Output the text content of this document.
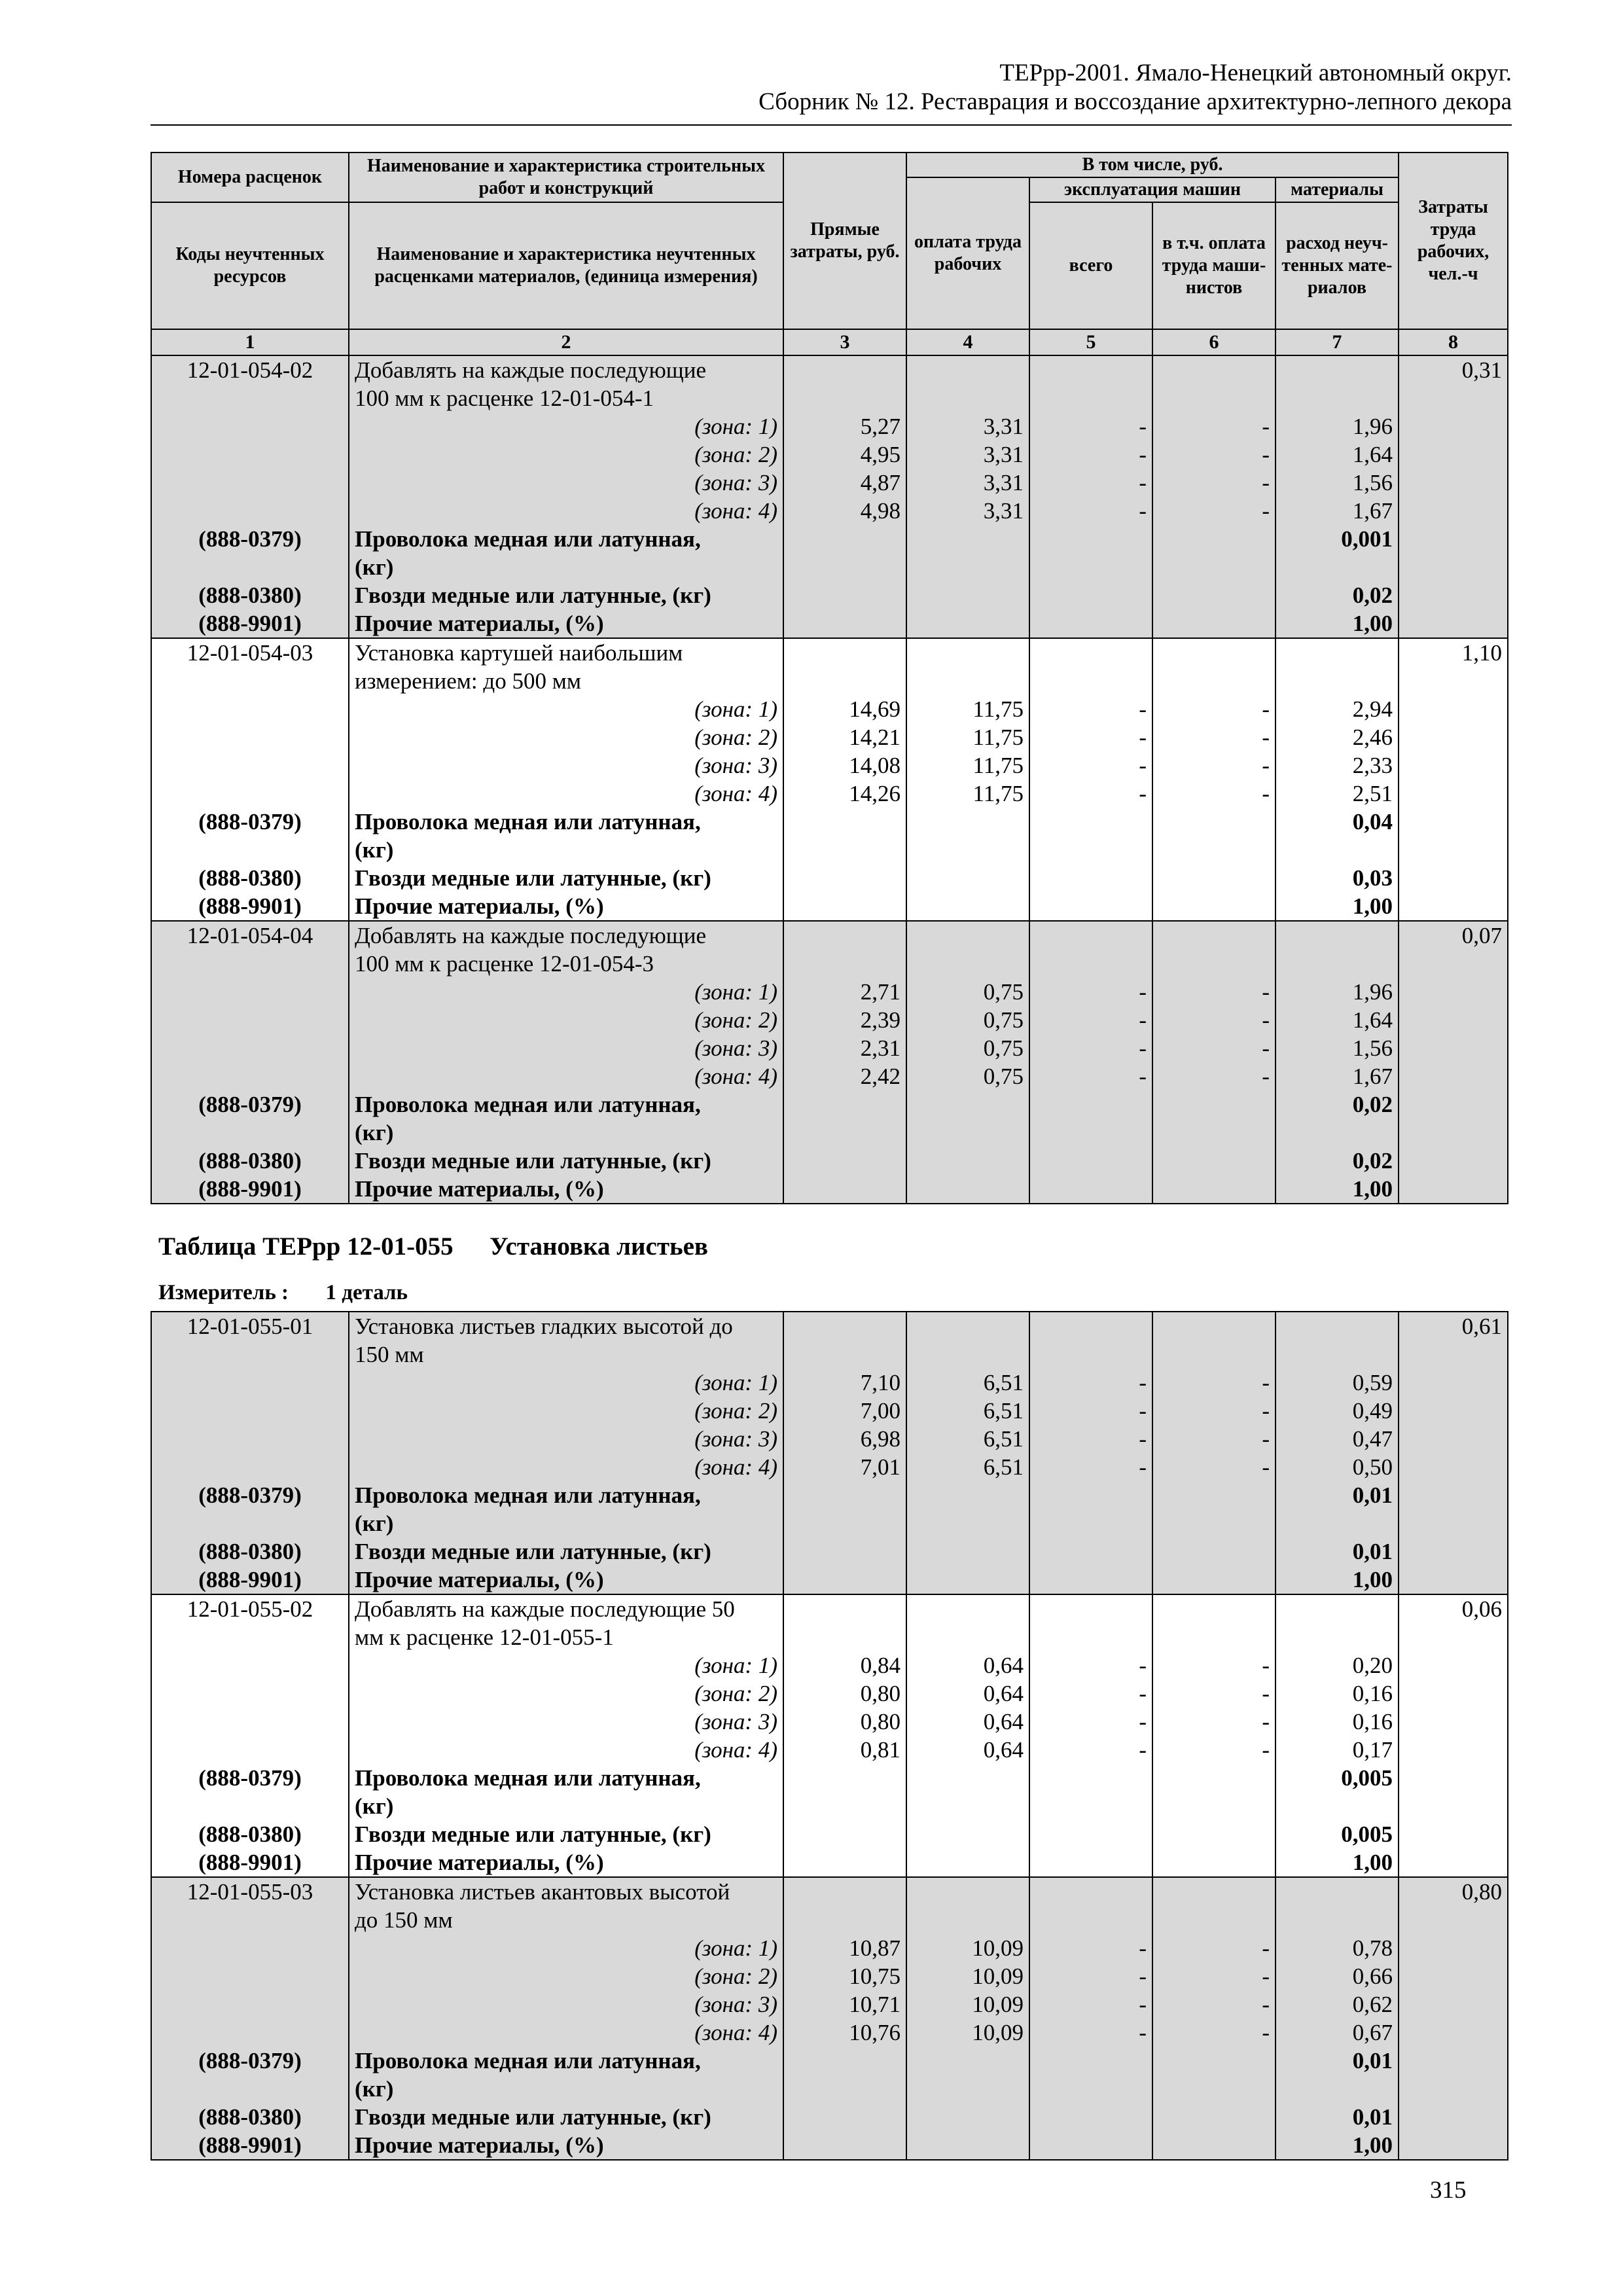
ТЕРрр-2001. Ямало-Ненецкий автономный округ.
Сборник № 12. Реставрация и воссоздание архитектурно-лепного декора
Номера расценок	Наименование и характеристика строительных работ и конструкций	Прямые затраты, руб.	В том числе, руб.				Затраты труда рабочих, чел.-ч
			оплата труда рабочих	эксплуатация машин		материалы	
Коды неучтенных ресурсов	Наименование и характеристика неучтенных расценками материалов, (единица измерения)			всего	в т.ч. оплата труда маши-нистов	расход неуч-тенных мате-риалов	
1	2	3	4	5	6	7	8
12-01-054-02	Добавлять на каждые последующие						0,31
	100 мм к расценке 12-01-054-1						
	(зона: 1)	5,27	3,31	-	-	1,96	
	(зона: 2)	4,95	3,31	-	-	1,64	
	(зона: 3)	4,87	3,31	-	-	1,56	
	(зона: 4)	4,98	3,31	-	-	1,67	
(888-0379)	Проволока медная или латунная,					0,001	
	(кг)						
(888-0380)	Гвозди медные или латунные, (кг)					0,02	
(888-9901)	Прочие материалы, (%)					1,00	
12-01-054-03	Установка картушей наибольшим						1,10
	измерением: до 500 мм						
	(зона: 1)	14,69	11,75	-	-	2,94	
	(зона: 2)	14,21	11,75	-	-	2,46	
	(зона: 3)	14,08	11,75	-	-	2,33	
	(зона: 4)	14,26	11,75	-	-	2,51	
(888-0379)	Проволока медная или латунная,					0,04	
	(кг)						
(888-0380)	Гвозди медные или латунные, (кг)					0,03	
(888-9901)	Прочие материалы, (%)					1,00	
12-01-054-04	Добавлять на каждые последующие						0,07
	100 мм к расценке 12-01-054-3						
	(зона: 1)	2,71	0,75	-	-	1,96	
	(зона: 2)	2,39	0,75	-	-	1,64	
	(зона: 3)	2,31	0,75	-	-	1,56	
	(зона: 4)	2,42	0,75	-	-	1,67	
(888-0379)	Проволока медная или латунная,					0,02	
	(кг)						
(888-0380)	Гвозди медные или латунные, (кг)					0,02	
(888-9901)	Прочие материалы, (%)					1,00	
Таблица ТЕРрр 12-01-055 Установка листьев
Измеритель : 1 деталь
12-01-055-01	Установка листьев гладких высотой до						0,61
	150 мм						
	(зона: 1)	7,10	6,51	-	-	0,59	
	(зона: 2)	7,00	6,51	-	-	0,49	
	(зона: 3)	6,98	6,51	-	-	0,47	
	(зона: 4)	7,01	6,51	-	-	0,50	
(888-0379)	Проволока медная или латунная,					0,01	
	(кг)						
(888-0380)	Гвозди медные или латунные, (кг)					0,01	
(888-9901)	Прочие материалы, (%)					1,00	
12-01-055-02	Добавлять на каждые последующие 50						0,06
	мм к расценке 12-01-055-1						
	(зона: 1)	0,84	0,64	-	-	0,20	
	(зона: 2)	0,80	0,64	-	-	0,16	
	(зона: 3)	0,80	0,64	-	-	0,16	
	(зона: 4)	0,81	0,64	-	-	0,17	
(888-0379)	Проволока медная или латунная,					0,005	
	(кг)						
(888-0380)	Гвозди медные или латунные, (кг)					0,005	
(888-9901)	Прочие материалы, (%)					1,00	
12-01-055-03	Установка листьев акантовых высотой						0,80
	до 150 мм						
	(зона: 1)	10,87	10,09	-	-	0,78	
	(зона: 2)	10,75	10,09	-	-	0,66	
	(зона: 3)	10,71	10,09	-	-	0,62	
	(зона: 4)	10,76	10,09	-	-	0,67	
(888-0379)	Проволока медная или латунная,					0,01	
	(кг)						
(888-0380)	Гвозди медные или латунные, (кг)					0,01	
(888-9901)	Прочие материалы, (%)					1,00	
315
